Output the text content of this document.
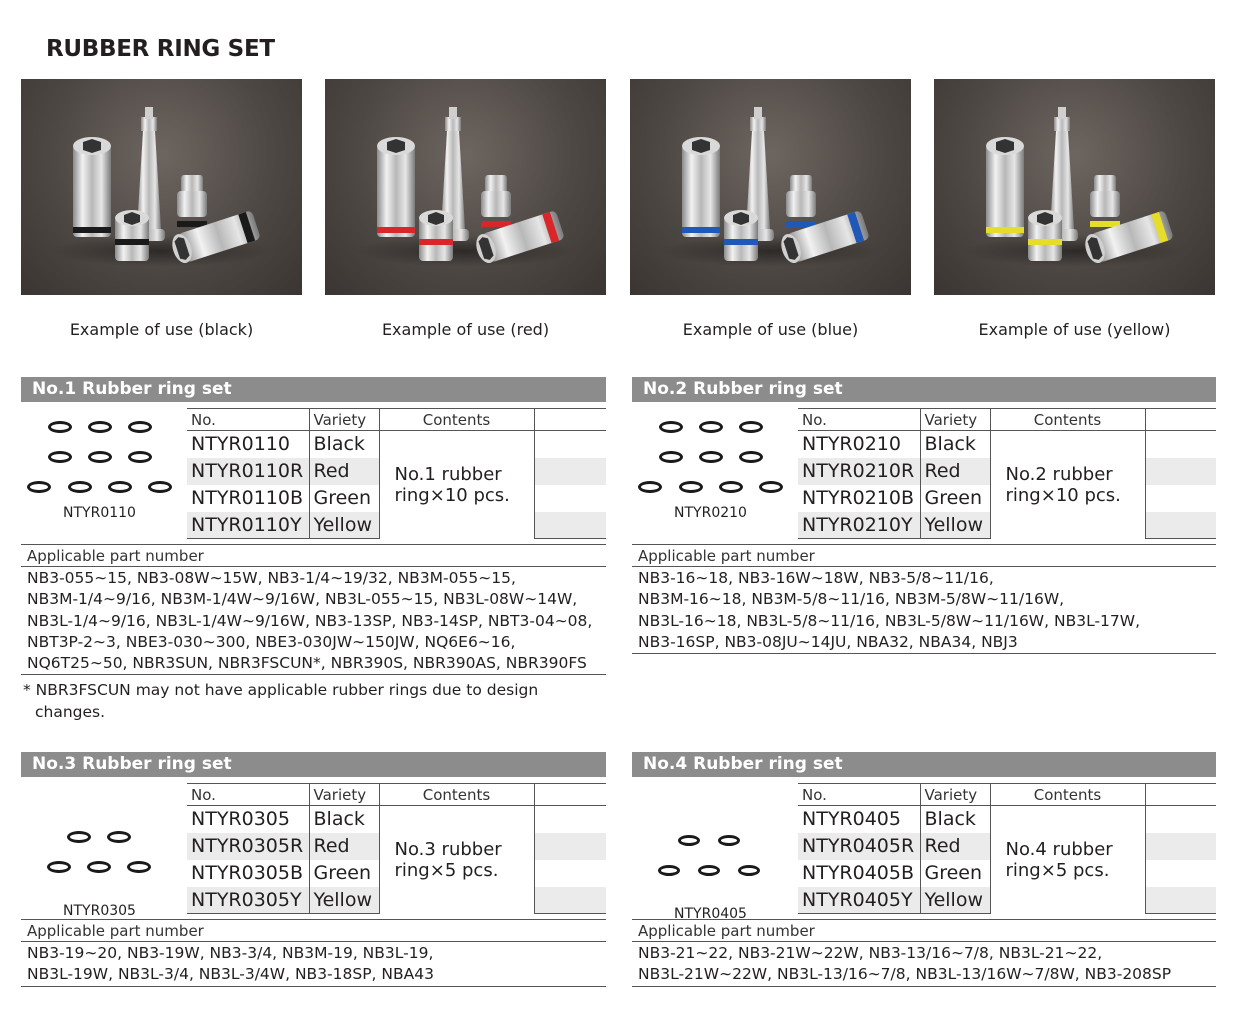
RUBBER RING SET
Example of use (black)	Example of use (red)	Example of use (blue)	Example of use (yellow)
No.1 Rubber ring set
NTYR0110
No.	Variety	Contents	
NTYR0110	Black	No.1 rubber
ring×10 pcs.	
NTYR0110R	Red		
NTYR0110B	Green		
NTYR0110Y	Yellow		
Applicable part number
NB3-055∼15, NB3-08W∼15W, NB3-1/4∼19/32, NB3M-055∼15,
NB3M-1/4∼9/16, NB3M-1/4W∼9/16W, NB3L-055∼15, NB3L-08W∼14W,
NB3L-1/4∼9/16, NB3L-1/4W∼9/16W, NB3-13SP, NB3-14SP, NBT3-04∼08,
NBT3P-2∼3, NBE3-030∼300, NBE3-030JW∼150JW, NQ6E6∼16,
NQ6T25∼50, NBR3SUN, NBR3FSCUN*, NBR390S, NBR390AS, NBR390FS
* NBR3FSCUN may not have applicable rubber rings due to design
changes.
No.2 Rubber ring set
NTYR0210
No.	Variety	Contents	
NTYR0210	Black	No.2 rubber
ring×10 pcs.	
NTYR0210R	Red		
NTYR0210B	Green		
NTYR0210Y	Yellow		
Applicable part number
NB3-16∼18, NB3-16W∼18W, NB3-5/8∼11/16,
NB3M-16∼18, NB3M-5/8∼11/16, NB3M-5/8W∼11/16W,
NB3L-16∼18, NB3L-5/8∼11/16, NB3L-5/8W∼11/16W, NB3L-17W,
NB3-16SP, NB3-08JU∼14JU, NBA32, NBA34, NBJ3
No.3 Rubber ring set
NTYR0305
No.	Variety	Contents	
NTYR0305	Black	No.3 rubber
ring×5 pcs.	
NTYR0305R	Red		
NTYR0305B	Green		
NTYR0305Y	Yellow		
Applicable part number
NB3-19∼20, NB3-19W, NB3-3/4, NB3M-19, NB3L-19,
NB3L-19W, NB3L-3/4, NB3L-3/4W, NB3-18SP, NBA43
No.4 Rubber ring set
NTYR0405
No.	Variety	Contents	
NTYR0405	Black	No.4 rubber
ring×5 pcs.	
NTYR0405R	Red		
NTYR0405B	Green		
NTYR0405Y	Yellow		
Applicable part number
NB3-21∼22, NB3-21W∼22W, NB3-13/16∼7/8, NB3L-21∼22,
NB3L-21W∼22W, NB3L-13/16∼7/8, NB3L-13/16W∼7/8W, NB3-208SP
